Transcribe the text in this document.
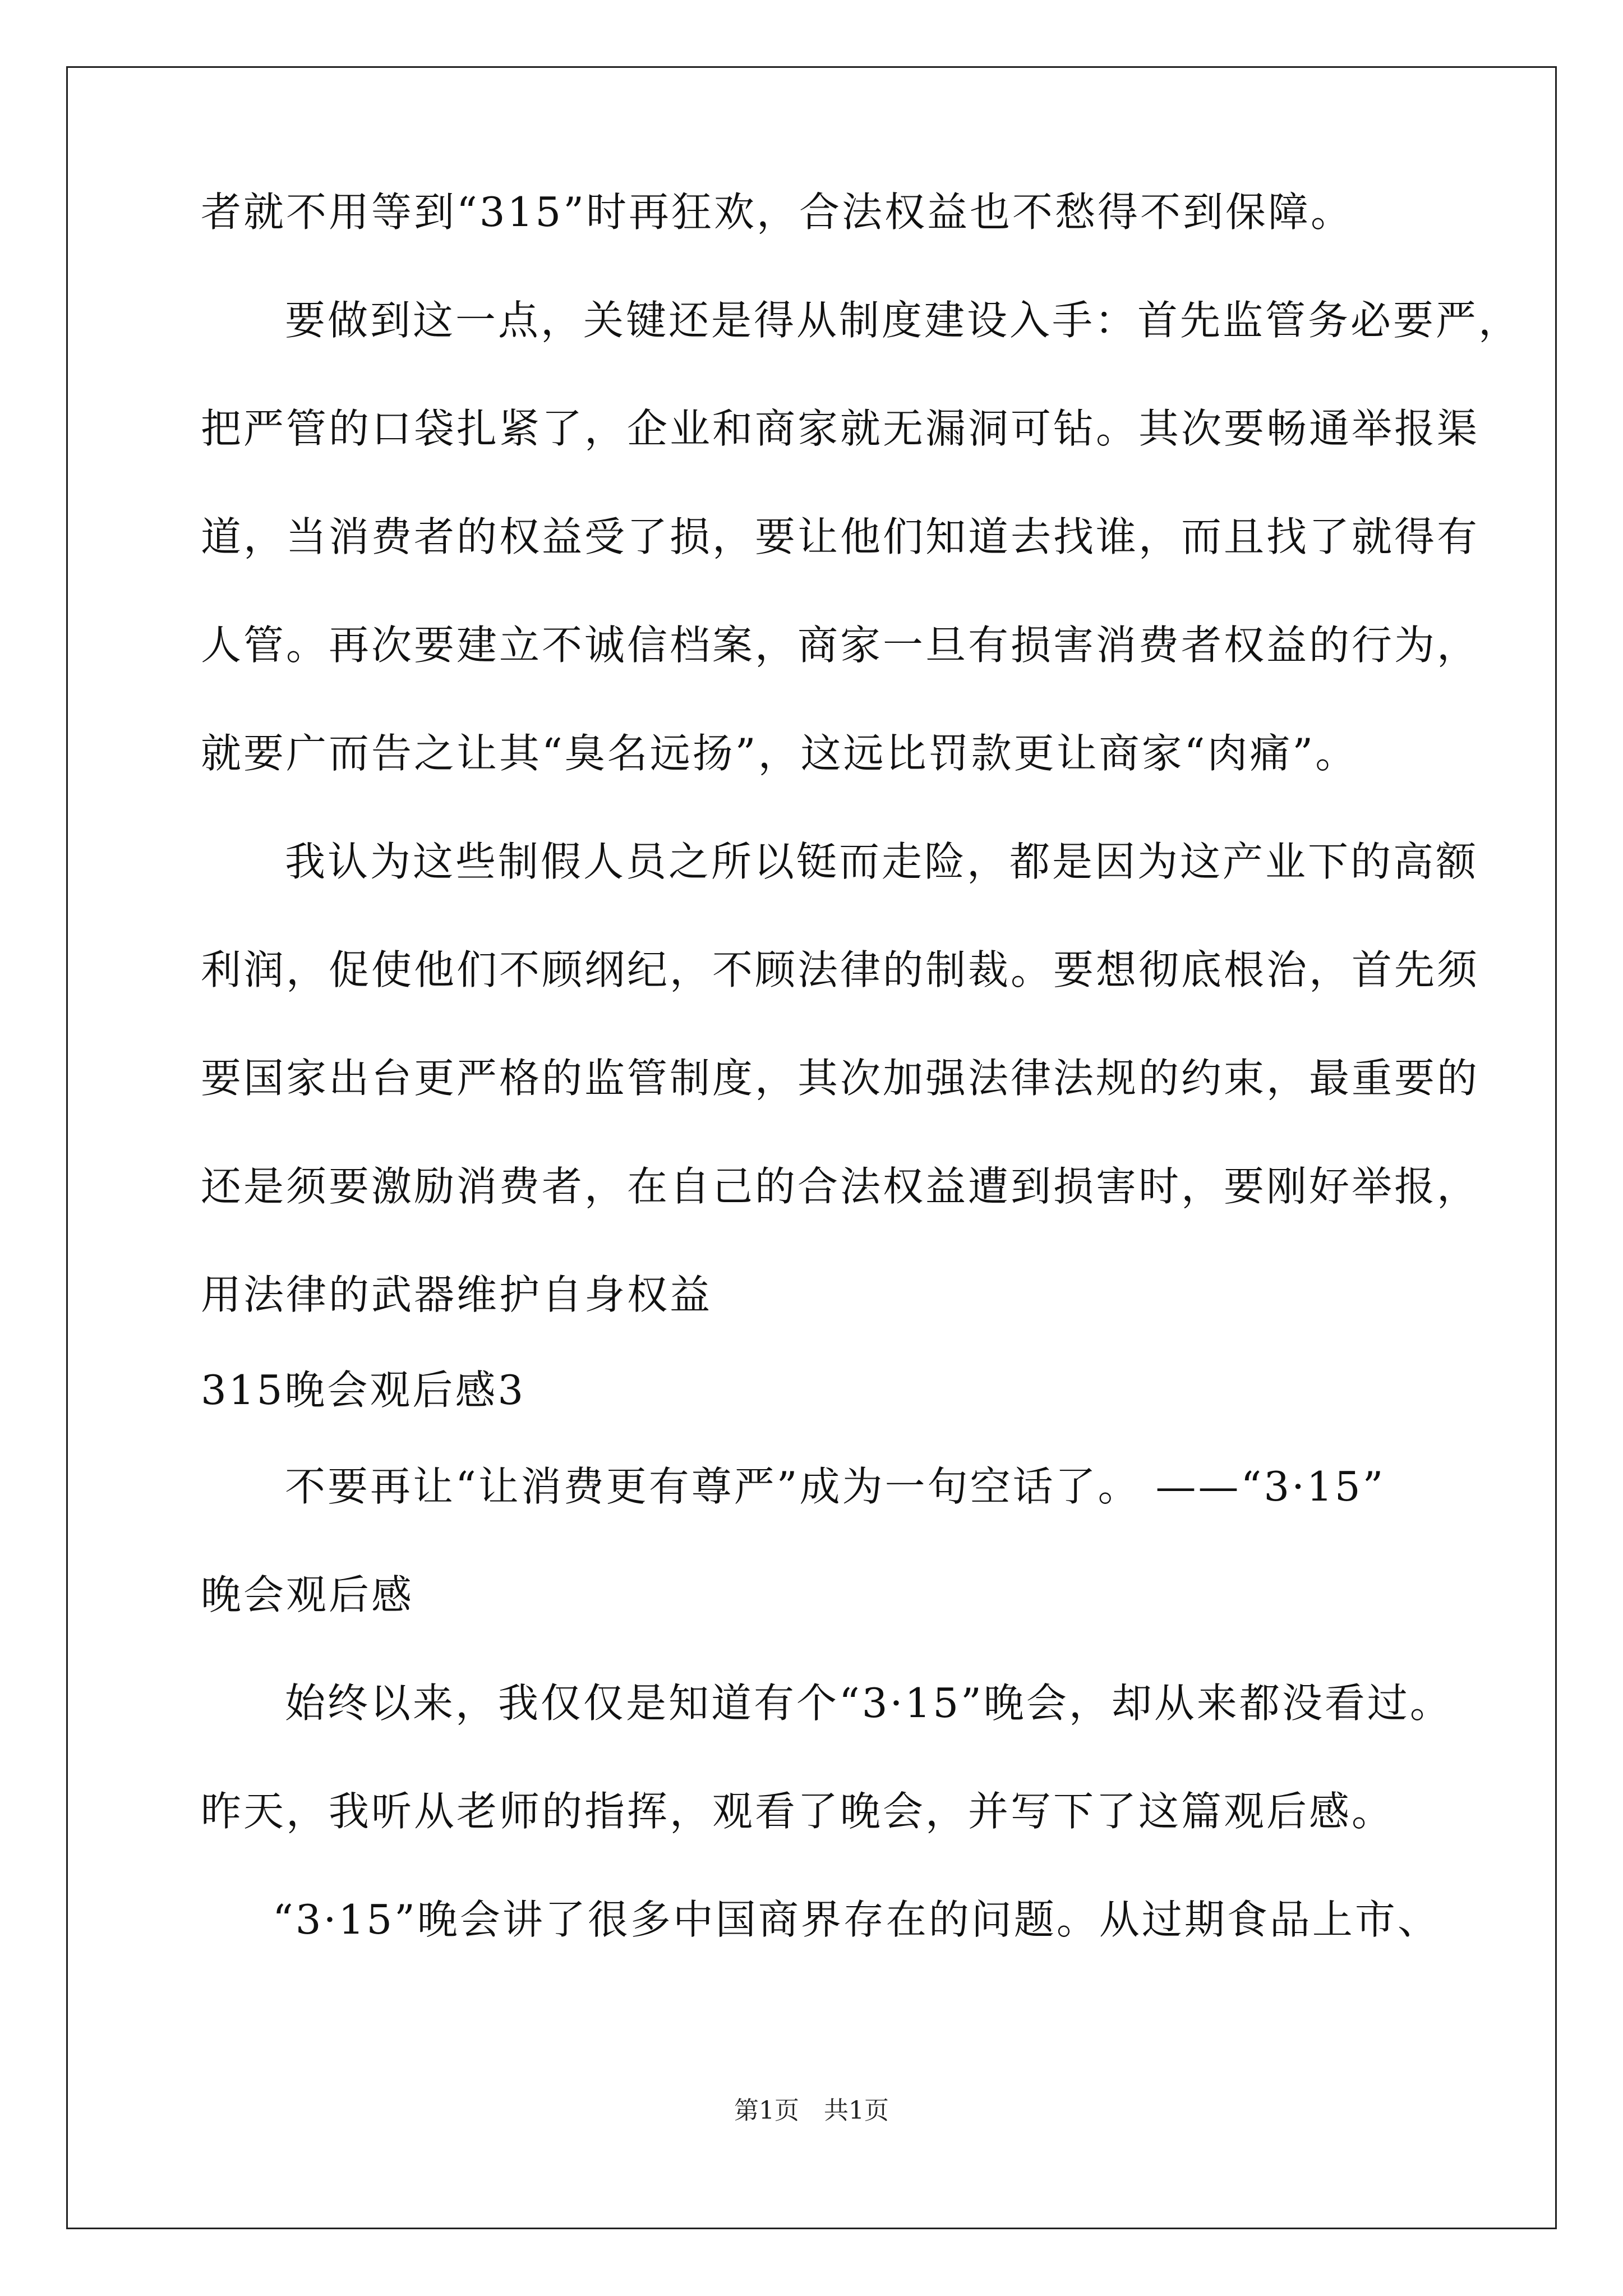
者就不用等到“315”时再狂欢，合法权益也不愁得不到保障。
要做到这一点，关键还是得从制度建设入手：首先监管务必要严，
把严管的口袋扎紧了，企业和商家就无漏洞可钻。其次要畅通举报渠
道，当消费者的权益受了损，要让他们知道去找谁，而且找了就得有
人管。再次要建立不诚信档案，商家一旦有损害消费者权益的行为，
就要广而告之让其“臭名远扬”，这远比罚款更让商家“肉痛”。
我认为这些制假人员之所以铤而走险，都是因为这产业下的高额
利润，促使他们不顾纲纪，不顾法律的制裁。要想彻底根治，首先须
要国家出台更严格的监管制度，其次加强法律法规的约束，最重要的
还是须要激励消费者，在自己的合法权益遭到损害时，要刚好举报，
用法律的武器维护自身权益
315晚会观后感3
不要再让“让消费更有尊严”成为一句空话了。 ——“3·15”
晚会观后感
始终以来，我仅仅是知道有个“3·15”晚会，却从来都没看过。
昨天，我听从老师的指挥，观看了晚会，并写下了这篇观后感。
“3·15”晚会讲了很多中国商界存在的问题。从过期食品上市、
第1页　共1页
